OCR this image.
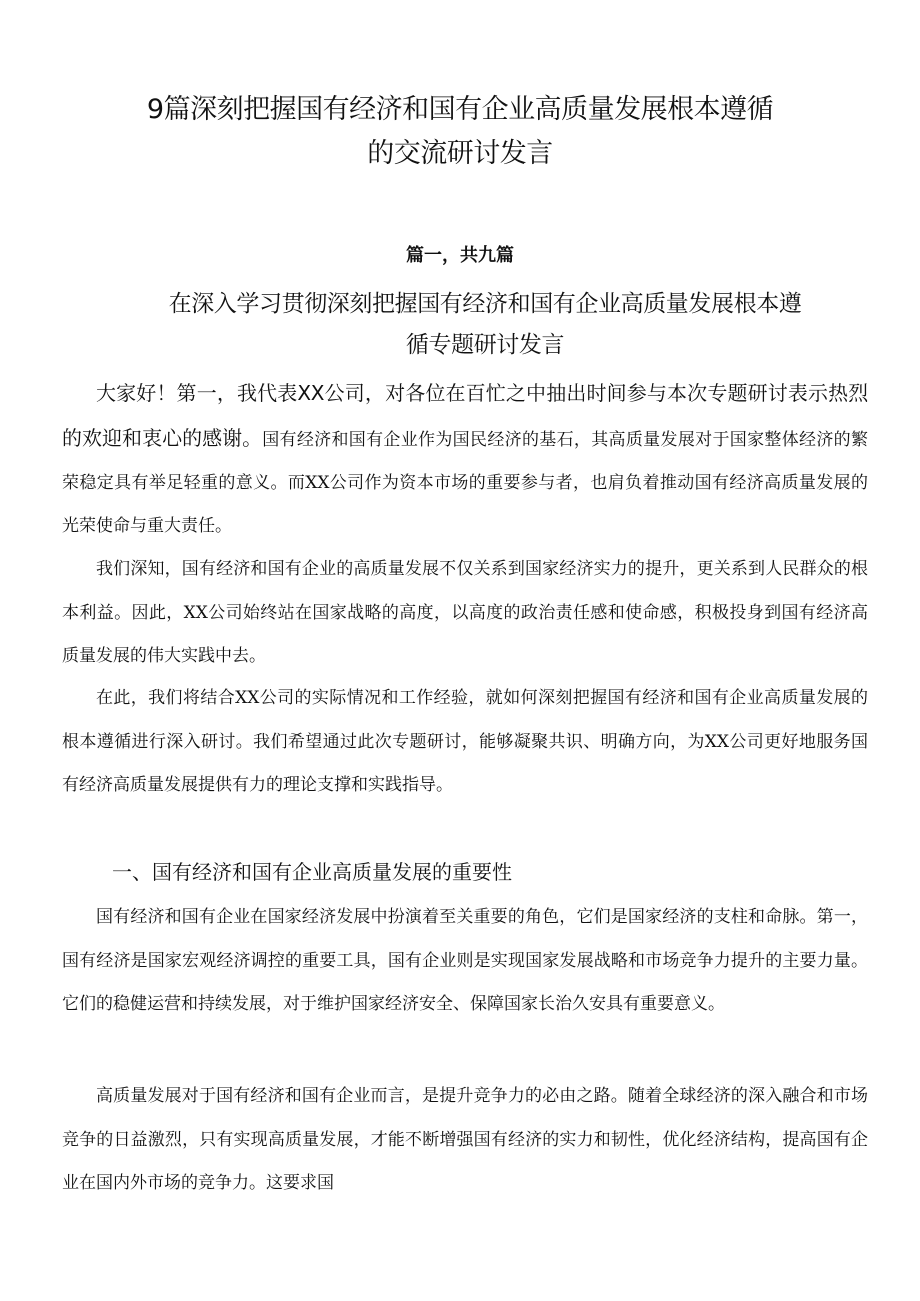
9篇深刻把握国有经济和国有企业高质量发展根本遵循
的交流研讨发言
篇一，共九篇
在深入学习贯彻深刻把握国有经济和国有企业高质量发展根本遵
循专题研讨发言
大家好！第一，我代表XX公司，对各位在百忙之中抽出时间参与本次专题研讨表示热烈的欢迎和衷心的感谢。国有经济和国有企业作为国民经济的基石，其高质量发展对于国家整体经济的繁荣稳定具有举足轻重的意义。而XX公司作为资本市场的重要参与者，也肩负着推动国有经济高质量发展的光荣使命与重大责任。

我们深知，国有经济和国有企业的高质量发展不仅关系到国家经济实力的提升，更关系到人民群众的根本利益。因此，XX公司始终站在国家战略的高度，以高度的政治责任感和使命感，积极投身到国有经济高质量发展的伟大实践中去。

在此，我们将结合XX公司的实际情况和工作经验，就如何深刻把握国有经济和国有企业高质量发展的根本遵循进行深入研讨。我们希望通过此次专题研讨，能够凝聚共识、明确方向，为XX公司更好地服务国有经济高质量发展提供有力的理论支撑和实践指导。

一、国有经济和国有企业高质量发展的重要性

国有经济和国有企业在国家经济发展中扮演着至关重要的角色，它们是国家经济的支柱和命脉。第一，国有经济是国家宏观经济调控的重要工具，国有企业则是实现国家发展战略和市场竞争力提升的主要力量。它们的稳健运营和持续发展，对于维护国家经济安全、保障国家长治久安具有重要意义。

高质量发展对于国有经济和国有企业而言，是提升竞争力的必由之路。随着全球经济的深入融合和市场竞争的日益激烈，只有实现高质量发展，才能不断增强国有经济的实力和韧性，优化经济结构，提高国有企业在国内外市场的竞争力。这要求国
